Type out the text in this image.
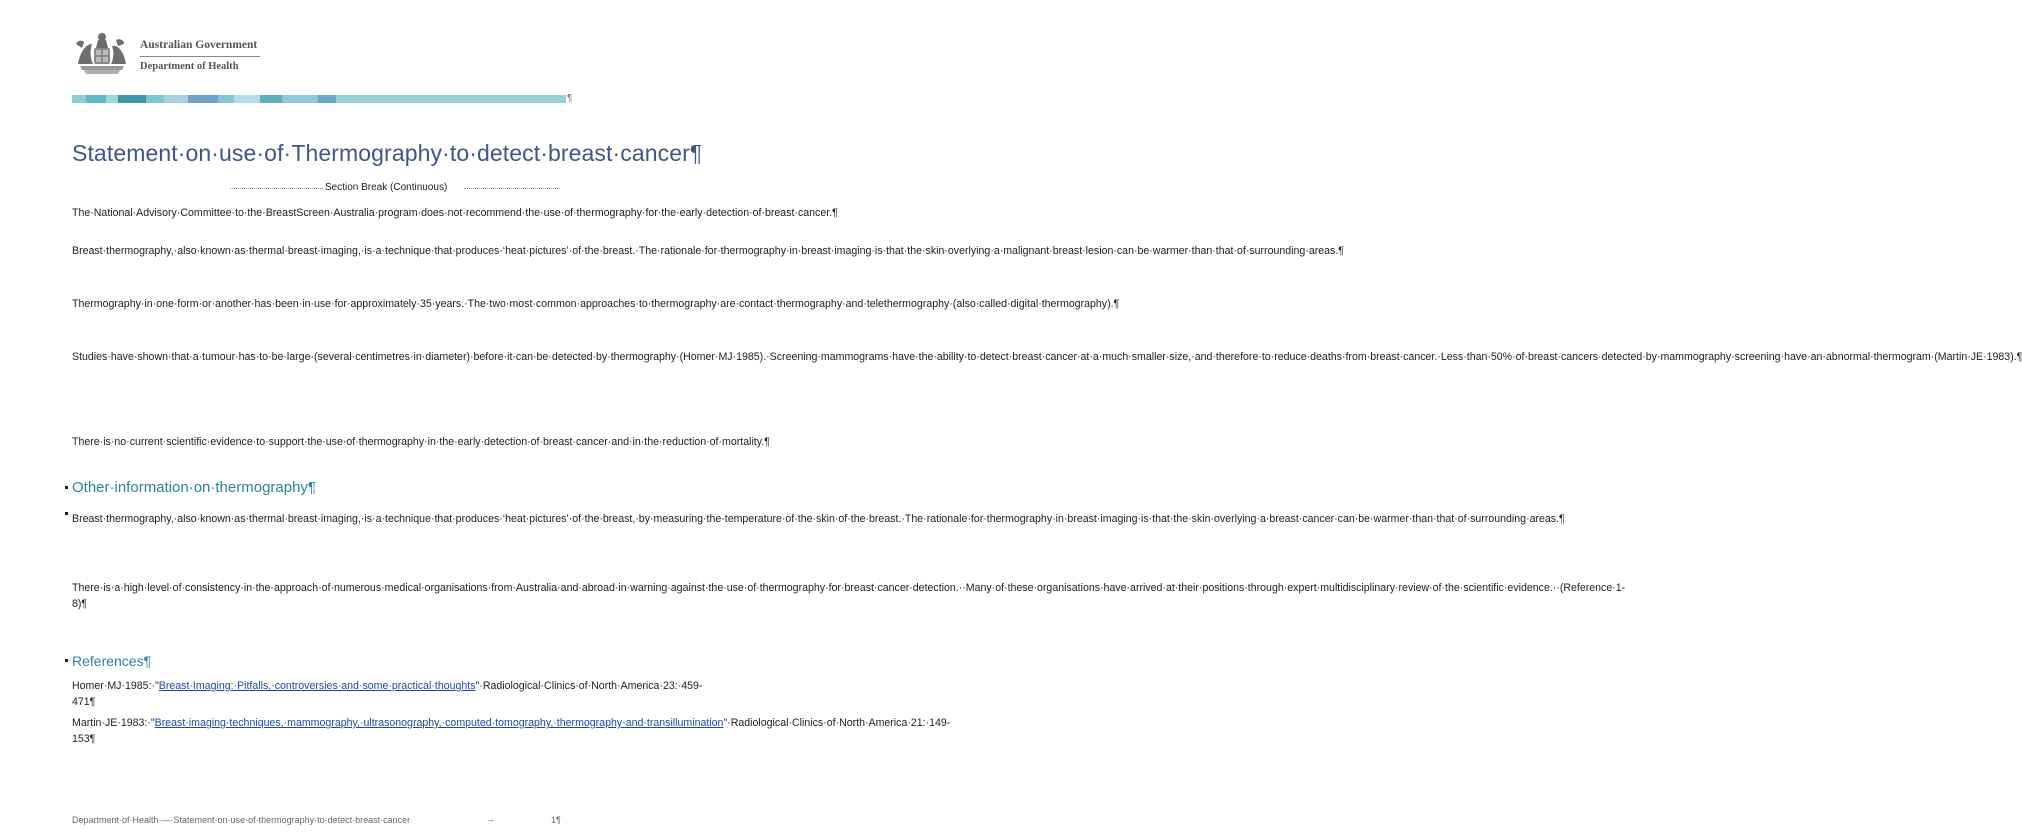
Australian Government
Department of Health
¶
Statement·on·use·of·Thermography·to·detect·breast·cancer¶
Section Break (Continuous)

The·National·Advisory·Committee·to·the·BreastScreen·Australia·program·does·not·recommend·the·use·of·thermography·for·the·early·detection·of·breast·cancer.¶

Breast·thermography,·also·known·as·thermal·breast·imaging,·is·a·technique·that·produces·‘heat·pictures’·of·the·breast.·The·rationale·for·thermography·in·breast·imaging·is·that·the·skin·overlying·a·malignant·breast·lesion·can·be·warmer·than·that·of·surrounding·areas.¶

Thermography·in·one·form·or·another·has·been·in·use·for·approximately·35·years.·The·two·most·common·approaches·to·thermography·are·contact·thermography·and·telethermography·(also·called·digital·thermography).¶

Studies·have·shown·that·a·tumour·has·to·be·large·(several·centimetres·in·diameter)·before·it·can·be·detected·by·thermography·(Homer·MJ·1985).·Screening·mammograms·have·the·ability·to·detect·breast·cancer·at·a·much·smaller·size,·and·therefore·to·reduce·deaths·from·breast·cancer.·Less·than·50%·of·breast·cancers·detected·by·mammography·screening·have·an·abnormal·thermogram·(Martin·JE·1983).¶

There·is·no·current·scientific·evidence·to·support·the·use·of·thermography·in·the·early·detection·of·breast·cancer·and·in·the·reduction·of·mortality.¶

Other·information·on·thermography¶

Breast·thermography,·also·known·as·thermal·breast·imaging,·is·a·technique·that·produces·‘heat·pictures’·of·the·breast,·by·measuring·the·temperature·of·the·skin·of·the·breast.·The·rationale·for·thermography·in·breast·imaging·is·that·the·skin·overlying·a·breast·cancer·can·be·warmer·than·that·of·surrounding·areas.¶

There·is·a·high·level·of·consistency·in·the·approach·of·numerous·medical·organisations·from·Australia·and·abroad·in·warning·against·the·use·of·thermography·for·breast·cancer·detection.··Many·of·these·organisations·have·arrived·at·their·positions·through·expert·multidisciplinary·review·of·the·scientific·evidence.··(Reference·1-8)¶

References¶

Homer·MJ·1985:·"Breast·Imaging:·Pitfalls,·controversies·and·some·practical·thoughts"·Radiological·Clinics·of·North·America·23:·459-471¶

Martin·JE·1983:·"Breast·imaging·techniques,·mammography,·ultrasonography,·computed·tomography,·thermography·and·transillumination"·Radiological·Clinics·of·North·America·21:·149-153¶

Department·of·Health·—·Statement·on·use·of·thermography·to·detect·breast·cancer	→	1¶
